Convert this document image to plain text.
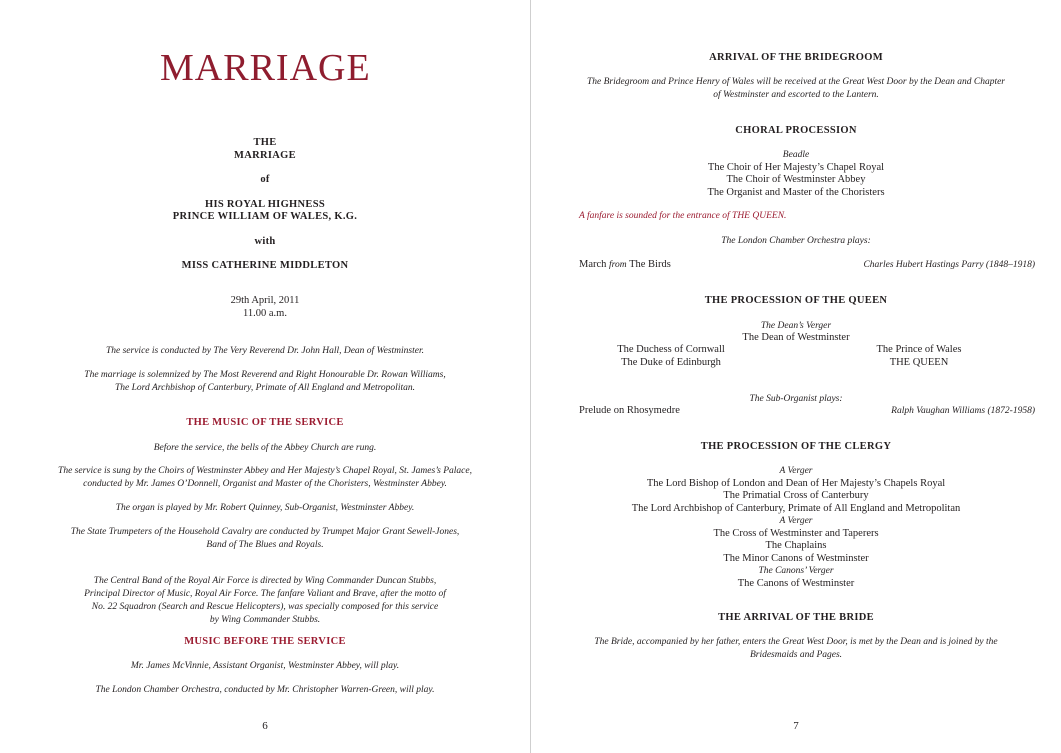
MARRIAGE
THE
MARRIAGE
of
HIS ROYAL HIGHNESS
PRINCE WILLIAM OF WALES, K.G.
with
MISS CATHERINE MIDDLETON
29th April, 2011
11.00 a.m.
The service is conducted by The Very Reverend Dr. John Hall, Dean of Westminster.
The marriage is solemnized by The Most Reverend and Right Honourable Dr. Rowan Williams,
The Lord Archbishop of Canterbury, Primate of All England and Metropolitan.
THE MUSIC OF THE SERVICE
Before the service, the bells of the Abbey Church are rung.
The service is sung by the Choirs of Westminster Abbey and Her Majesty’s Chapel Royal, St. James’s Palace,
conducted by Mr. James O’Donnell, Organist and Master of the Choristers, Westminster Abbey.
The organ is played by Mr. Robert Quinney, Sub-Organist, Westminster Abbey.
The State Trumpeters of the Household Cavalry are conducted by Trumpet Major Grant Sewell-Jones,
Band of The Blues and Royals.
The Central Band of the Royal Air Force is directed by Wing Commander Duncan Stubbs,
Principal Director of Music, Royal Air Force. The fanfare Valiant and Brave, after the motto of
No. 22 Squadron (Search and Rescue Helicopters), was specially composed for this service
by Wing Commander Stubbs.
MUSIC BEFORE THE SERVICE
Mr. James McVinnie, Assistant Organist, Westminster Abbey, will play.
The London Chamber Orchestra, conducted by Mr. Christopher Warren-Green, will play.
6
ARRIVAL OF THE BRIDEGROOM
The Bridegroom and Prince Henry of Wales will be received at the Great West Door by the Dean and Chapter
of Westminster and escorted to the Lantern.
CHORAL PROCESSION
Beadle
The Choir of Her Majesty’s Chapel Royal
The Choir of Westminster Abbey
The Organist and Master of the Choristers
A fanfare is sounded for the entrance of THE QUEEN.
The London Chamber Orchestra plays:
March from The Birds	Charles Hubert Hastings Parry (1848–1918)
THE PROCESSION OF THE QUEEN
The Dean’s Verger
The Dean of Westminster
The Duchess of Cornwall
The Duke of Edinburgh
The Prince of Wales
THE QUEEN
The Sub-Organist plays:
Prelude on Rhosymedre	Ralph Vaughan Williams (1872-1958)
THE PROCESSION OF THE CLERGY
A Verger
The Lord Bishop of London and Dean of Her Majesty’s Chapels Royal
The Primatial Cross of Canterbury
The Lord Archbishop of Canterbury, Primate of All England and Metropolitan
A Verger
The Cross of Westminster and Taperers
The Chaplains
The Minor Canons of Westminster
The Canons’ Verger
The Canons of Westminster
THE ARRIVAL OF THE BRIDE
The Bride, accompanied by her father, enters the Great West Door, is met by the Dean and is joined by the
Bridesmaids and Pages.
7
